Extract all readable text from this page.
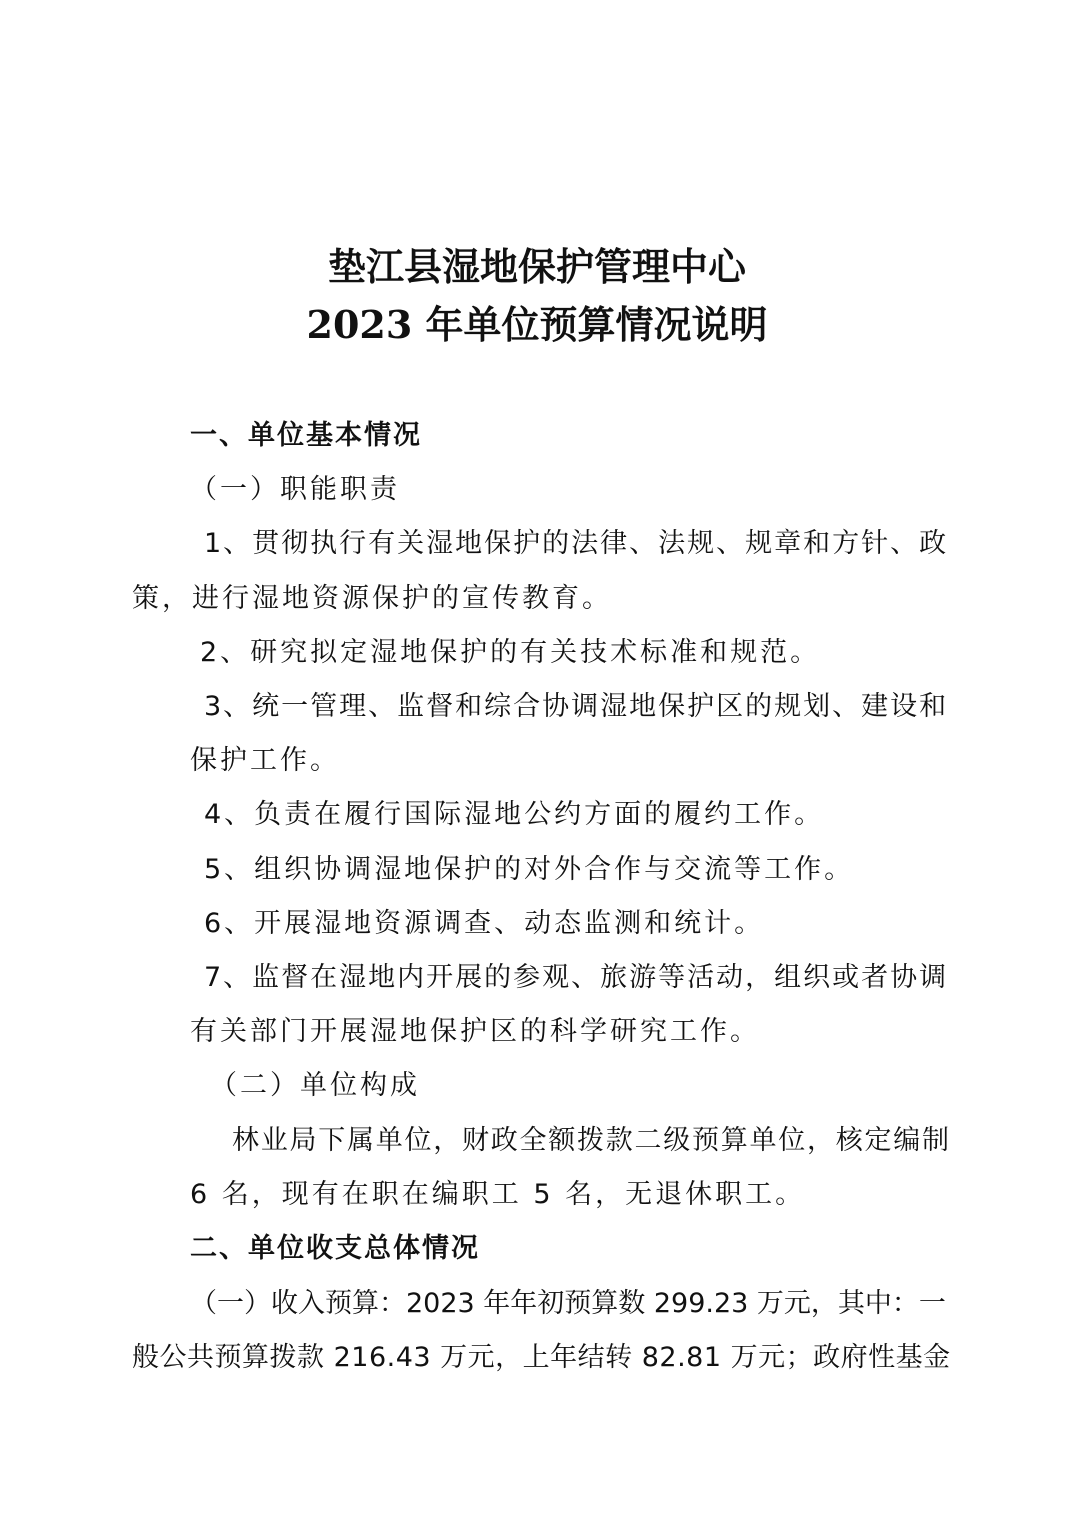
垫江县湿地保护管理中心
2023 年单位预算情况说明
一、单位基本情况
（一）职能职责
1、贯彻执行有关湿地保护的法律、法规、规章和方针、政
策，进行湿地资源保护的宣传教育。
2、研究拟定湿地保护的有关技术标准和规范。
3、统一管理、监督和综合协调湿地保护区的规划、建设和
保护工作。
4、负责在履行国际湿地公约方面的履约工作。
5、组织协调湿地保护的对外合作与交流等工作。
6、开展湿地资源调查、动态监测和统计。
7、监督在湿地内开展的参观、旅游等活动，组织或者协调
有关部门开展湿地保护区的科学研究工作。
（二）单位构成
林业局下属单位，财政全额拨款二级预算单位，核定编制
6 名，现有在职在编职工 5 名，无退休职工。
二、单位收支总体情况
（一）收入预算：2023 年年初预算数 299.23 万元，其中：一
般公共预算拨款 216.43 万元，上年结转 82.81 万元；政府性基金
